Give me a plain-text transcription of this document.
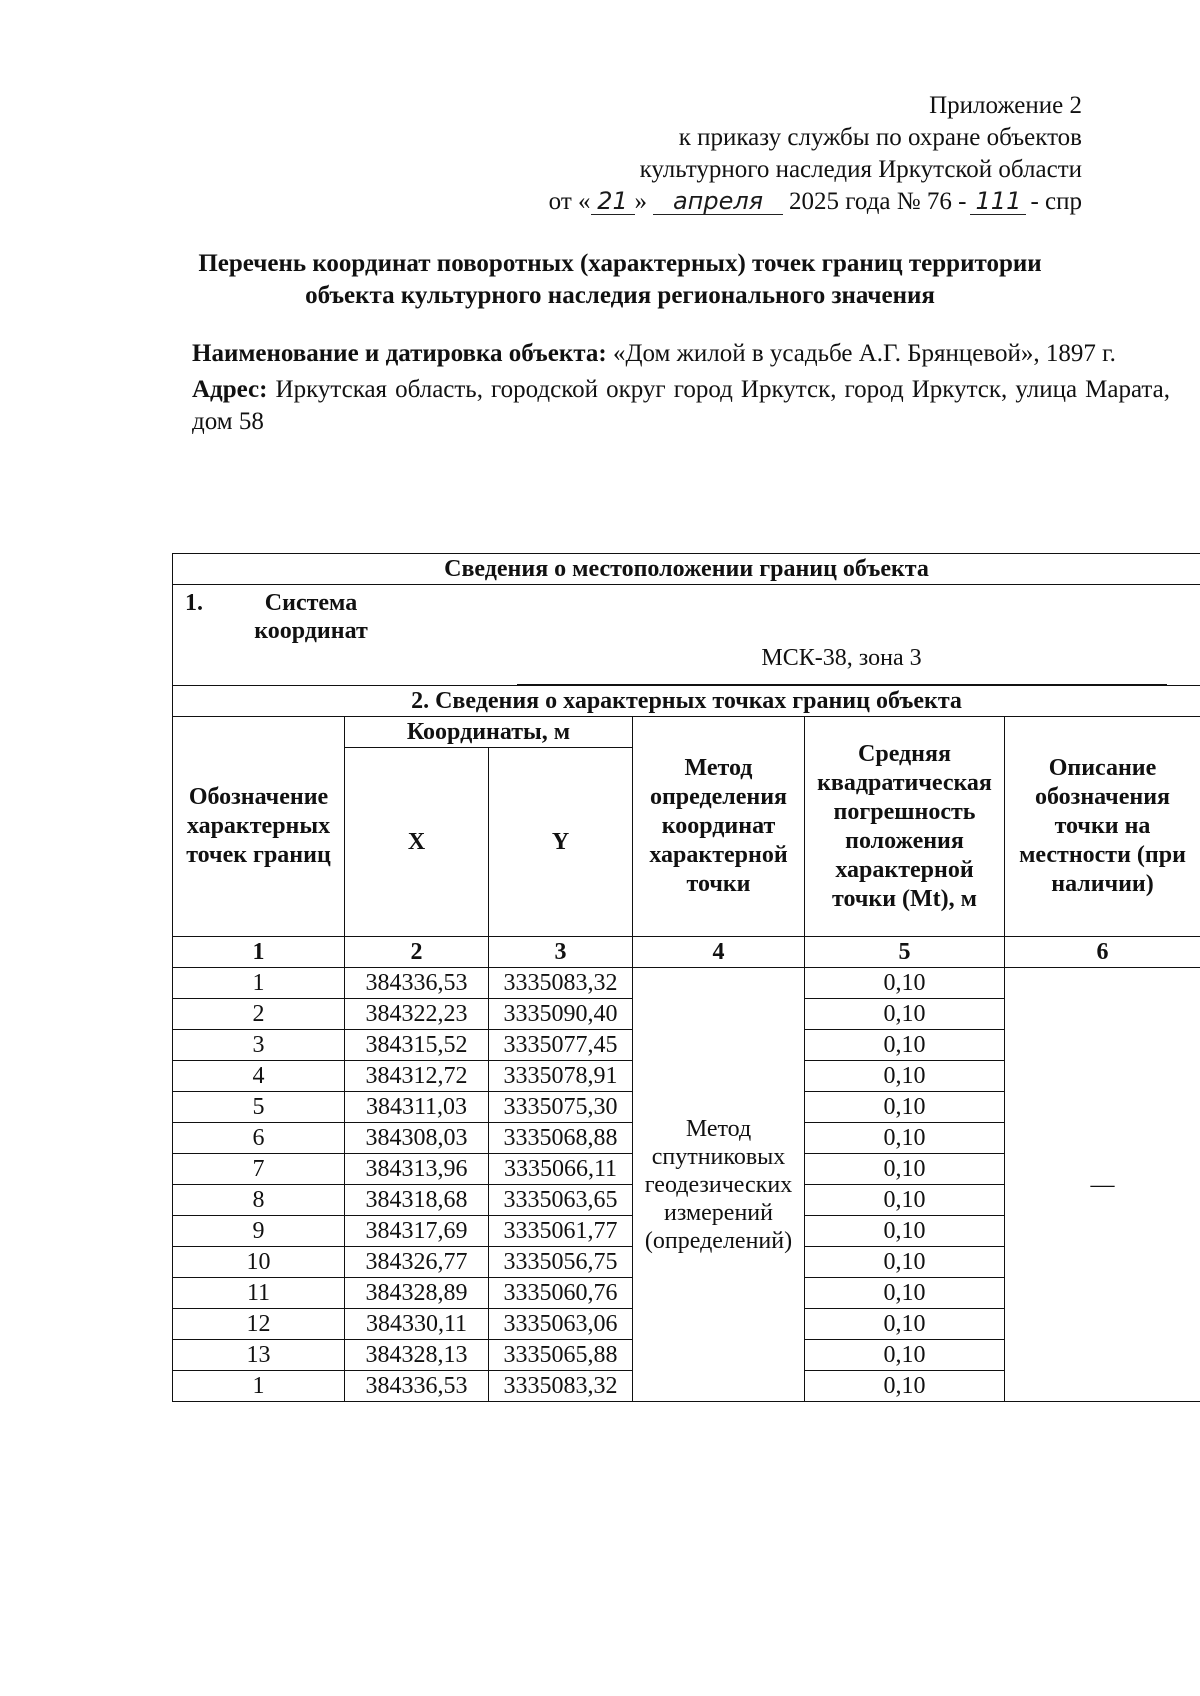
Приложение 2
к приказу службы по охране объектов
культурного наследия Иркутской области
от « 21 » апреля 2025 года № 76 - 111 - спр
Перечень координат поворотных (характерных) точек границ территории
объекта культурного наследия регионального значения

Наименование и датировка объекта: «Дом жилой в усадьбе А.Г. Брянцевой», 1897 г.

Адрес: Иркутская область, городской округ город Иркутск, город Иркутск, улица Марата, дом 58

Сведения о местоположении границ объекта					

1. Система координат
МСК-38, зона 3					
2. Сведения о характерных точках границ объекта					
Обозначение характерных точек границ	Координаты, м		Метод определения координат характерной точки	Средняя квадратическая погрешность положения характерной точки (Mt), м	Описание обозначения точки на местности (при наличии)
	X	Y			
1	2	3	4	5	6
1	384336,53	3335083,32	Метод спутниковых геодезических измерений (определений)	0,10	—
2	384322,23	3335090,40		0,10	
3	384315,52	3335077,45		0,10	
4	384312,72	3335078,91		0,10	
5	384311,03	3335075,30		0,10	
6	384308,03	3335068,88		0,10	
7	384313,96	3335066,11		0,10	
8	384318,68	3335063,65		0,10	
9	384317,69	3335061,77		0,10	
10	384326,77	3335056,75		0,10	
11	384328,89	3335060,76		0,10	
12	384330,11	3335063,06		0,10	
13	384328,13	3335065,88		0,10	
1	384336,53	3335083,32		0,10	
